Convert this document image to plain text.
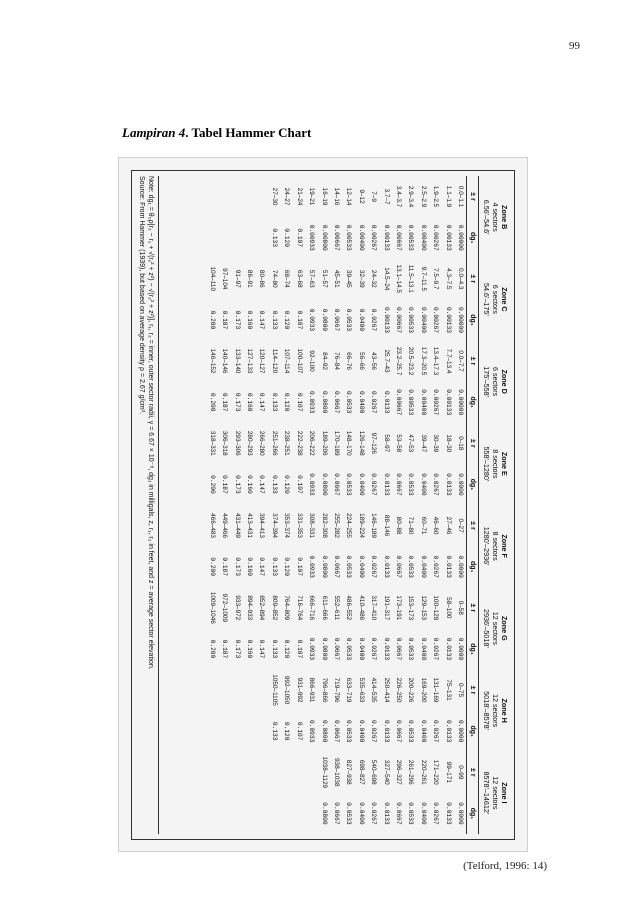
99
Lampiran 4. Tabel Hammer Chart
Zone B
4 sectors
6.56'–54.6'
± r
dg₁
0.0–1.1
1.1–1.9
1.9–2.5
2.5–2.9
2.9–3.4
3.4–3.7
3.7–7
7–9
9–12
12–14
14–16
16–19
19–21
21–24
24–27
27–30
0.00000
0.00133
0.00267
0.00400
0.00533
0.00667
0.00133
0.00267
0.00400
0.00533
0.00667
0.00800
0.00933
0.107
0.120
0.133
Zone C
6 sectors
54.6'–175'
± r
dg₁
0.0–4.3
4.3–7.5
7.5–9.7
9.7–11.5
11.5–13.1
13.1–14.5
14.5–24
24–32
32–39
39–45
45–51
51–57
57–63
63–68
68–74
74–80
80–86
86–91
91–97
97–104
104–110
0.00000
0.00133
0.00267
0.00400
0.00533
0.00667
0.00133
0.0267
0.0400
0.0533
0.0667
0.0800
0.0933
0.107
0.120
0.133
0.147
0.160
0.173
0.187
0.200
Zone D
6 sectors
175'–558'
± r
dg₁
0.0–7.7
7.7–13.4
13.4–17.3
17.3–20.5
20.5–23.2
23.2–25.7
25.7–43
43–56
56–66
66–76
76–84
84–92
92–100
100–107
107–114
114–120
120–127
127–133
133–140
140–146
146–152
0.00000
0.00133
0.00267
0.00400
0.00533
0.00667
0.0133
0.0267
0.0400
0.0533
0.0667
0.0800
0.0933
0.107
0.120
0.133
0.147
0.160
0.173
0.187
0.200
Zone E
8 sectors
558'–1280'
± r
dg₁
0–18
18–30
30–39
39–47
47–53
53–58
58–97
97–126
126–148
148–170
170–189
189–206
206–222
222–238
238–251
251–266
266–280
280–293
293–306
306–318
318–331
0.0000
0.0133
0.0267
0.0400
0.0533
0.0667
0.0133
0.0267
0.0400
0.0533
0.0667
0.0800
0.0933
0.107
0.120
0.133
0.147
0.160
0.173
0.187
0.200
Zone F
8 sectors
1280'–2936'
± r
dg₁
0–27
27–46
46–60
60–71
71–80
80–88
88–146
146–189
189–224
224–255
255–282
282–308
308–331
331–353
353–374
374–394
394–413
413–431
431–449
449–466
466–483
0.0000
0.0133
0.0267
0.0400
0.0533
0.0667
0.0133
0.0267
0.0400
0.0533
0.0667
0.0800
0.0933
0.107
0.120
0.133
0.147
0.160
0.173
0.187
0.200
Zone G
12 sectors
2936'–5018'
± r
dg₁
0–58
58–100
100–129
129–153
153–173
173–191
191–317
317–410
410–486
486–552
552–611
611–666
666–716
716–764
764–809
809–852
852–894
894–933
933–972
972–1009
1009–1046
0.0000
0.0133
0.0267
0.0400
0.0533
0.0667
0.0133
0.0267
0.0400
0.0533
0.0667
0.0800
0.0933
0.107
0.120
0.133
0.147
0.160
0.173
0.187
0.200
Zone H
12 sectors
5018'–8578'
± r
dg₁
0–75
75–131
131–169
169–200
200–226
226–250
250–414
414–535
535–633
633–719
719–796
796–866
866–931
931–992
992–1050
1050–1105
0.0000
0.0133
0.0267
0.0400
0.0533
0.0667
0.0133
0.0267
0.0400
0.0533
0.0667
0.0800
0.0933
0.107
0.120
0.133
Zone I
12 sectors
8578'–14612'
± r
dg₁
0–99
99–171
171–220
220–261
261–296
296–327
327–540
540–698
698–827
827–938
938–1038
1038–1129
0.0000
0.0133
0.0267
0.0400
0.0533
0.0667
0.0133
0.0267
0.0400
0.0533
0.0667
0.0800
Note: dg₁ = θ₀ρ[r₂ − r₁ + √(r₁² + z²) − √(r₂² + z²)], r₁, r₂ = inner, outer sector radii, γ = 6.67 × 10⁻⁸, dg₁ in milligals, z, r₁, r₂ in feet, and z = average sector elevation.
Source: From Hammer (1939), but based on average density ρ = 2.67 g/cm³.
(Telford, 1996: 14)
